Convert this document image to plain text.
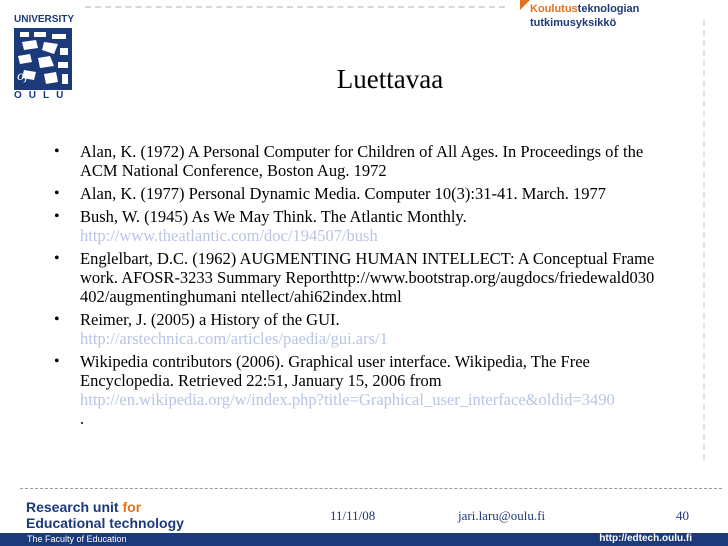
UNIVERSITY
of
OULU
Koulutusteknologian
tutkimusyksikkö
Luettavaa
• Alan, K. (1972) A Personal Computer for Children of All Ages. In Proceedings of the ACM National Conference, Boston Aug. 1972
• Alan, K. (1977) Personal Dynamic Media. Computer 10(3):31-41. March. 1977
• Bush, W. (1945) As We May Think. The Atlantic Monthly.
http://www.theatlantic.com/doc/194507/bush
• Englelbart, D.C. (1962) AUGMENTING HUMAN INTELLECT: A Conceptual Framework. AFOSR-3233 Summary Reporthttp://www.bootstrap.org/augdocs/friedewald030402/augmentinghumani ntellect/ahi62index.html
• Reimer, J. (2005) a History of the GUI.
http://arstechnica.com/articles/paedia/gui.ars/1
• Wikipedia contributors (2006). Graphical user interface. Wikipedia, The Free Encyclopedia. Retrieved 22:51, January 15, 2006 from
http://en.wikipedia.org/w/index.php?title=Graphical_user_interface&oldid=3490
.
Research unit for
Educational technology	11/11/08	jari.laru@oulu.fi	40
The Faculty of Education	http://edtech.oulu.fi
